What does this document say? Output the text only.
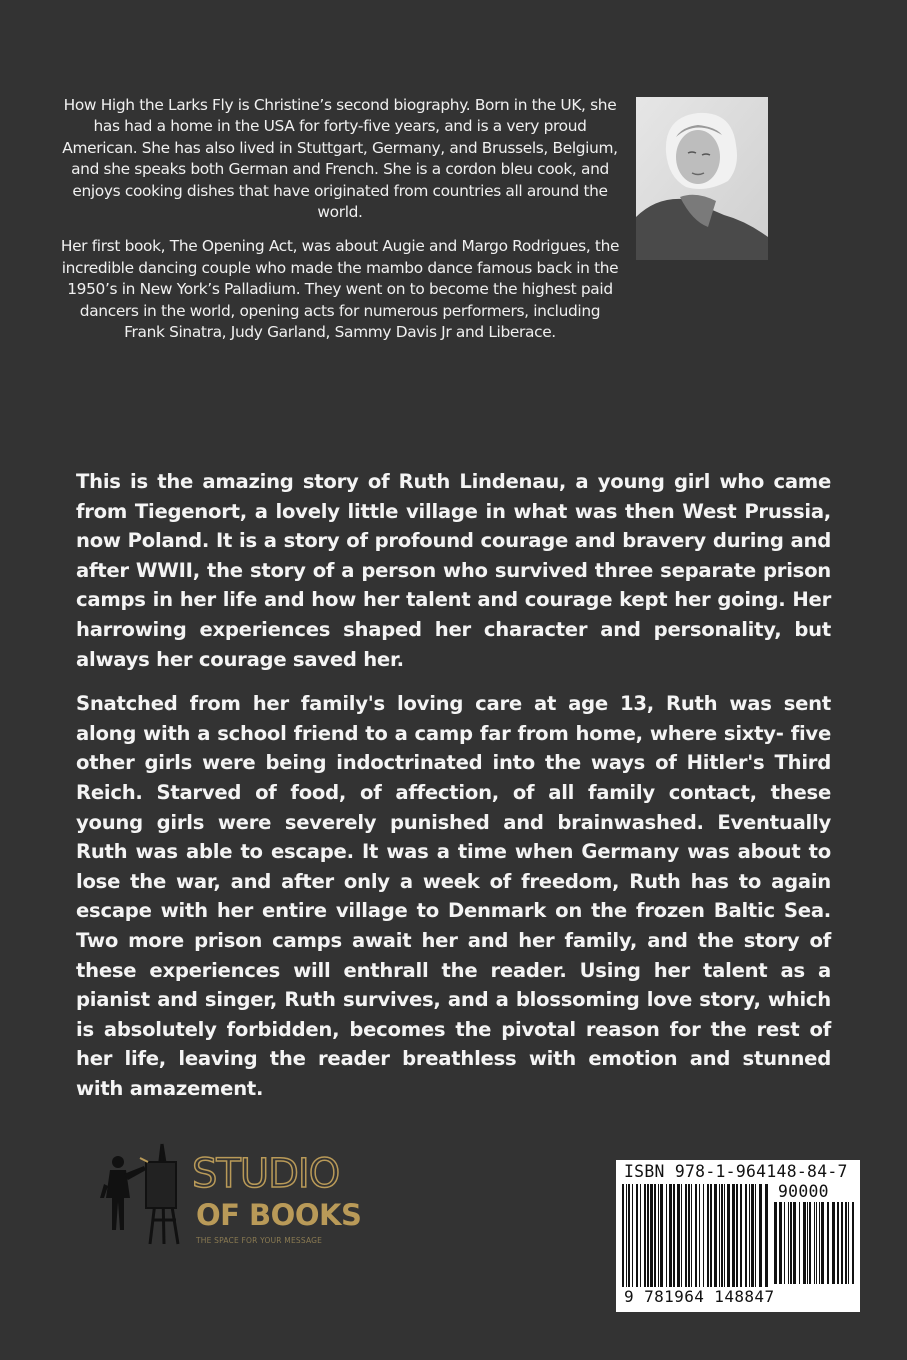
How High the Larks Fly is Christine’s second biography. Born in the UK, she has had a home in the USA for forty-five years, and is a very proud American. She has also lived in Stuttgart, Germany, and Brussels, Belgium, and she speaks both German and French. She is a cordon bleu cook, and enjoys cooking dishes that have originated from countries all around the world.

Her first book, The Opening Act, was about Augie and Margo Rodrigues, the incredible dancing couple who made the mambo dance famous back in the 1950’s in New York’s Palladium. They went on to become the highest paid dancers in the world, opening acts for numerous performers, including Frank Sinatra, Judy Garland, Sammy Davis Jr and Liberace.

This is the amazing story of Ruth Lindenau, a young girl who came from Tiegenort, a lovely little village in what was then West Prussia, now Poland. It is a story of profound courage and bravery during and after WWII, the story of a person who survived three separate prison camps in her life and how her talent and courage kept her going. Her harrowing experiences shaped her character and personality, but always her courage saved her.

Snatched from her family's loving care at age 13, Ruth was sent along with a school friend to a camp far from home, where sixty- five other girls were being indoctrinated into the ways of Hitler's Third Reich. Starved of food, of affection, of all family contact, these young girls were severely punished and brainwashed. Eventually Ruth was able to escape. It was a time when Germany was about to lose the war, and after only a week of freedom, Ruth has to again escape with her entire village to Denmark on the frozen Baltic Sea. Two more prison camps await her and her family, and the story of these experiences will enthrall the reader. Using her talent as a pianist and singer, Ruth survives, and a blossoming love story, which is absolutely forbidden, becomes the pivotal reason for the rest of her life, leaving the reader breathless with emotion and stunned with amazement.

STUDIO
OF BOOKS
THE SPACE FOR YOUR MESSAGE
ISBN 978-1-964148-84-7
90000
9 781964 148847
